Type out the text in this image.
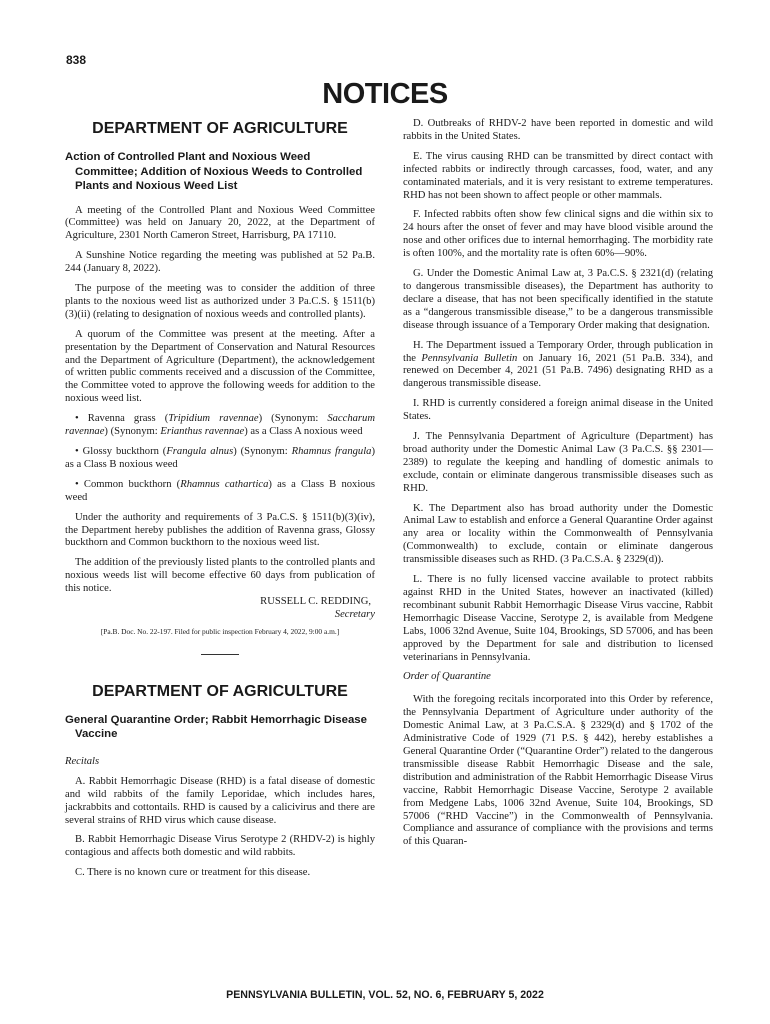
838
NOTICES
DEPARTMENT OF AGRICULTURE
Action of Controlled Plant and Noxious Weed Committee; Addition of Noxious Weeds to Controlled Plants and Noxious Weed List

A meeting of the Controlled Plant and Noxious Weed Committee (Committee) was held on January 20, 2022, at the Department of Agriculture, 2301 North Cameron Street, Harrisburg, PA 17110.

A Sunshine Notice regarding the meeting was published at 52 Pa.B. 244 (January 8, 2022).

The purpose of the meeting was to consider the addition of three plants to the noxious weed list as authorized under 3 Pa.C.S. § 1511(b)(3)(ii) (relating to designation of noxious weeds and controlled plants).

A quorum of the Committee was present at the meeting. After a presentation by the Department of Conservation and Natural Resources and the Department of Agriculture (Department), the acknowledgement of written public comments received and a discussion of the Committee, the Committee voted to approve the following weeds for addition to the noxious weed list.

• Ravenna grass (Tripidium ravennae) (Synonym: Saccharum ravennae) (Synonym: Erianthus ravennae) as a Class A noxious weed

• Glossy buckthorn (Frangula alnus) (Synonym: Rhamnus frangula) as a Class B noxious weed

• Common buckthorn (Rhamnus cathartica) as a Class B noxious weed

Under the authority and requirements of 3 Pa.C.S. § 1511(b)(3)(iv), the Department hereby publishes the addition of Ravenna grass, Glossy buckthorn and Common buckthorn to the noxious weed list.

The addition of the previously listed plants to the controlled plants and noxious weeds list will become effective 60 days from publication of this notice.

RUSSELL C. REDDING,

Secretary

[Pa.B. Doc. No. 22-197. Filed for public inspection February 4, 2022, 9:00 a.m.]

DEPARTMENT OF AGRICULTURE
General Quarantine Order; Rabbit Hemorrhagic Disease Vaccine

Recitals

A. Rabbit Hemorrhagic Disease (RHD) is a fatal disease of domestic and wild rabbits of the family Leporidae, which includes hares, jackrabbits and cottontails. RHD is caused by a calicivirus and there are several strains of RHD virus which cause disease.

B. Rabbit Hemorrhagic Disease Virus Serotype 2 (RHDV-2) is highly contagious and affects both domestic and wild rabbits.

C. There is no known cure or treatment for this disease.

D. Outbreaks of RHDV-2 have been reported in domestic and wild rabbits in the United States.

E. The virus causing RHD can be transmitted by direct contact with infected rabbits or indirectly through carcasses, food, water, and any contaminated materials, and it is very resistant to extreme temperatures. RHD has not been shown to affect people or other mammals.

F. Infected rabbits often show few clinical signs and die within six to 24 hours after the onset of fever and may have blood visible around the nose and other orifices due to internal hemorrhaging. The morbidity rate is often 100%, and the mortality rate is often 60%—90%.

G. Under the Domestic Animal Law at, 3 Pa.C.S. § 2321(d) (relating to dangerous transmissible diseases), the Department has authority to declare a disease, that has not been specifically identified in the statute as a “dangerous transmissible disease,” to be a dangerous transmissible disease through issuance of a Temporary Order making that designation.

H. The Department issued a Temporary Order, through publication in the Pennsylvania Bulletin on January 16, 2021 (51 Pa.B. 334), and renewed on December 4, 2021 (51 Pa.B. 7496) designating RHD as a dangerous transmissible disease.

I. RHD is currently considered a foreign animal disease in the United States.

J. The Pennsylvania Department of Agriculture (Department) has broad authority under the Domestic Animal Law (3 Pa.C.S. §§ 2301—2389) to regulate the keeping and handling of domestic animals to exclude, contain or eliminate dangerous transmissible diseases such as RHD.

K. The Department also has broad authority under the Domestic Animal Law to establish and enforce a General Quarantine Order against any area or locality within the Commonwealth of Pennsylvania (Commonwealth) to exclude, contain or eliminate dangerous transmissible diseases such as RHD. (3 Pa.C.S.A. § 2329(d)).

L. There is no fully licensed vaccine available to protect rabbits against RHD in the United States, however an inactivated (killed) recombinant subunit Rabbit Hemorrhagic Disease Virus vaccine, Rabbit Hemorrhagic Disease Vaccine, Serotype 2, is available from Medgene Labs, 1006 32nd Avenue, Suite 104, Brookings, SD 57006, and has been approved by the Department for sale and distribution to licensed veterinarians in Pennsylvania.

Order of Quarantine

With the foregoing recitals incorporated into this Order by reference, the Pennsylvania Department of Agriculture under authority of the Domestic Animal Law, at 3 Pa.C.S.A. § 2329(d) and § 1702 of the Administrative Code of 1929 (71 P.S. § 442), hereby establishes a General Quarantine Order (“Quarantine Order”) related to the dangerous transmissible disease Rabbit Hemorrhagic Disease and the sale, distribution and administration of the Rabbit Hemorrhagic Disease Virus vaccine, Rabbit Hemorrhagic Disease Vaccine, Serotype 2 available from Medgene Labs, 1006 32nd Avenue, Suite 104, Brookings, SD 57006 (“RHD Vaccine”) in the Commonwealth of Pennsylvania. Compliance and assurance of compliance with the provisions and terms of this Quaran-

PENNSYLVANIA BULLETIN, VOL. 52, NO. 6, FEBRUARY 5, 2022
